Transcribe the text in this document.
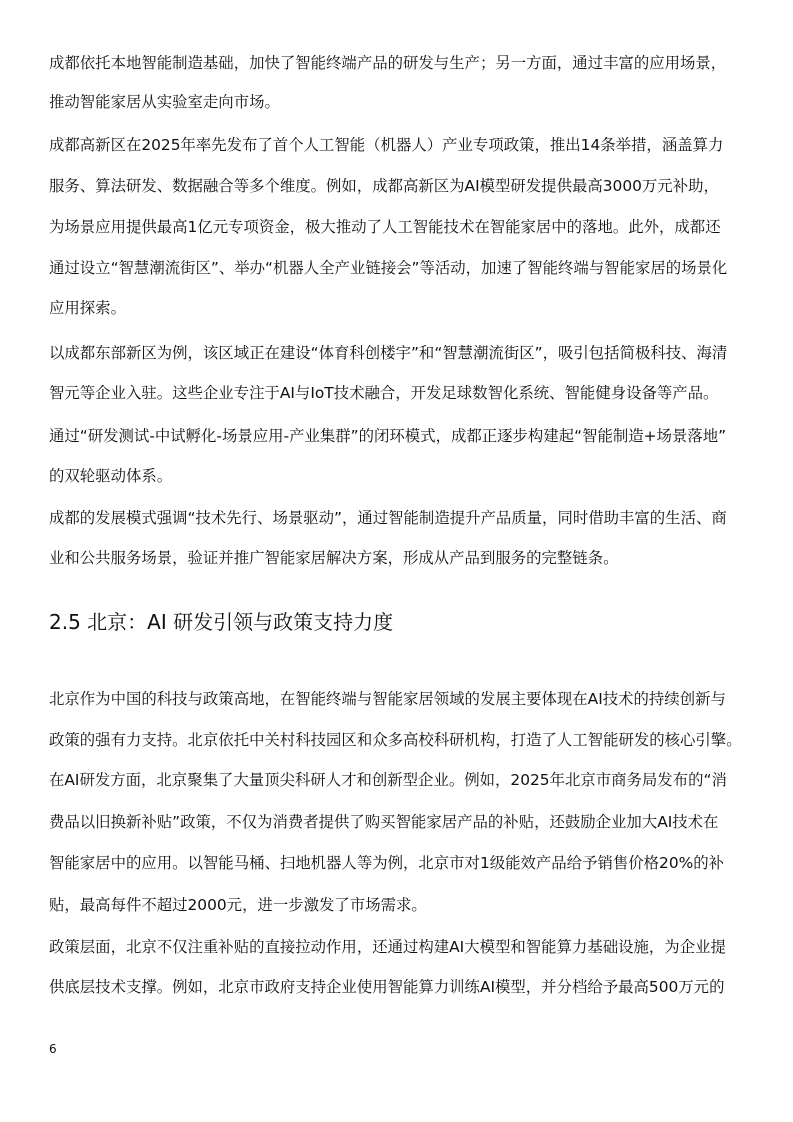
成都依托本地智能制造基础，加快了智能终端产品的研发与生产；另一方面，通过丰富的应用场景，
推动智能家居从实验室走向市场。
成都高新区在2025年率先发布了首个人工智能（机器人）产业专项政策，推出14条举措，涵盖算力
服务、算法研发、数据融合等多个维度。例如，成都高新区为AI模型研发提供最高3000万元补助，
为场景应用提供最高1亿元专项资金，极大推动了人工智能技术在智能家居中的落地。此外，成都还
通过设立“智慧潮流街区”、举办“机器人全产业链接会”等活动，加速了智能终端与智能家居的场景化
应用探索。
以成都东部新区为例，该区域正在建设“体育科创楼宇”和“智慧潮流街区”，吸引包括简极科技、海清
智元等企业入驻。这些企业专注于AI与IoT技术融合，开发足球数智化系统、智能健身设备等产品。
通过“研发测试-中试孵化-场景应用-产业集群”的闭环模式，成都正逐步构建起“智能制造+场景落地”
的双轮驱动体系。
成都的发展模式强调“技术先行、场景驱动”，通过智能制造提升产品质量，同时借助丰富的生活、商
业和公共服务场景，验证并推广智能家居解决方案，形成从产品到服务的完整链条。
2.5 北京：AI 研发引领与政策支持力度
北京作为中国的科技与政策高地，在智能终端与智能家居领域的发展主要体现在AI技术的持续创新与
政策的强有力支持。北京依托中关村科技园区和众多高校科研机构，打造了人工智能研发的核心引擎。
在AI研发方面，北京聚集了大量顶尖科研人才和创新型企业。例如，2025年北京市商务局发布的“消
费品以旧换新补贴”政策，不仅为消费者提供了购买智能家居产品的补贴，还鼓励企业加大AI技术在
智能家居中的应用。以智能马桶、扫地机器人等为例，北京市对1级能效产品给予销售价格20%的补
贴，最高每件不超过2000元，进一步激发了市场需求。
政策层面，北京不仅注重补贴的直接拉动作用，还通过构建AI大模型和智能算力基础设施，为企业提
供底层技术支撑。例如，北京市政府支持企业使用智能算力训练AI模型，并分档给予最高500万元的
6
